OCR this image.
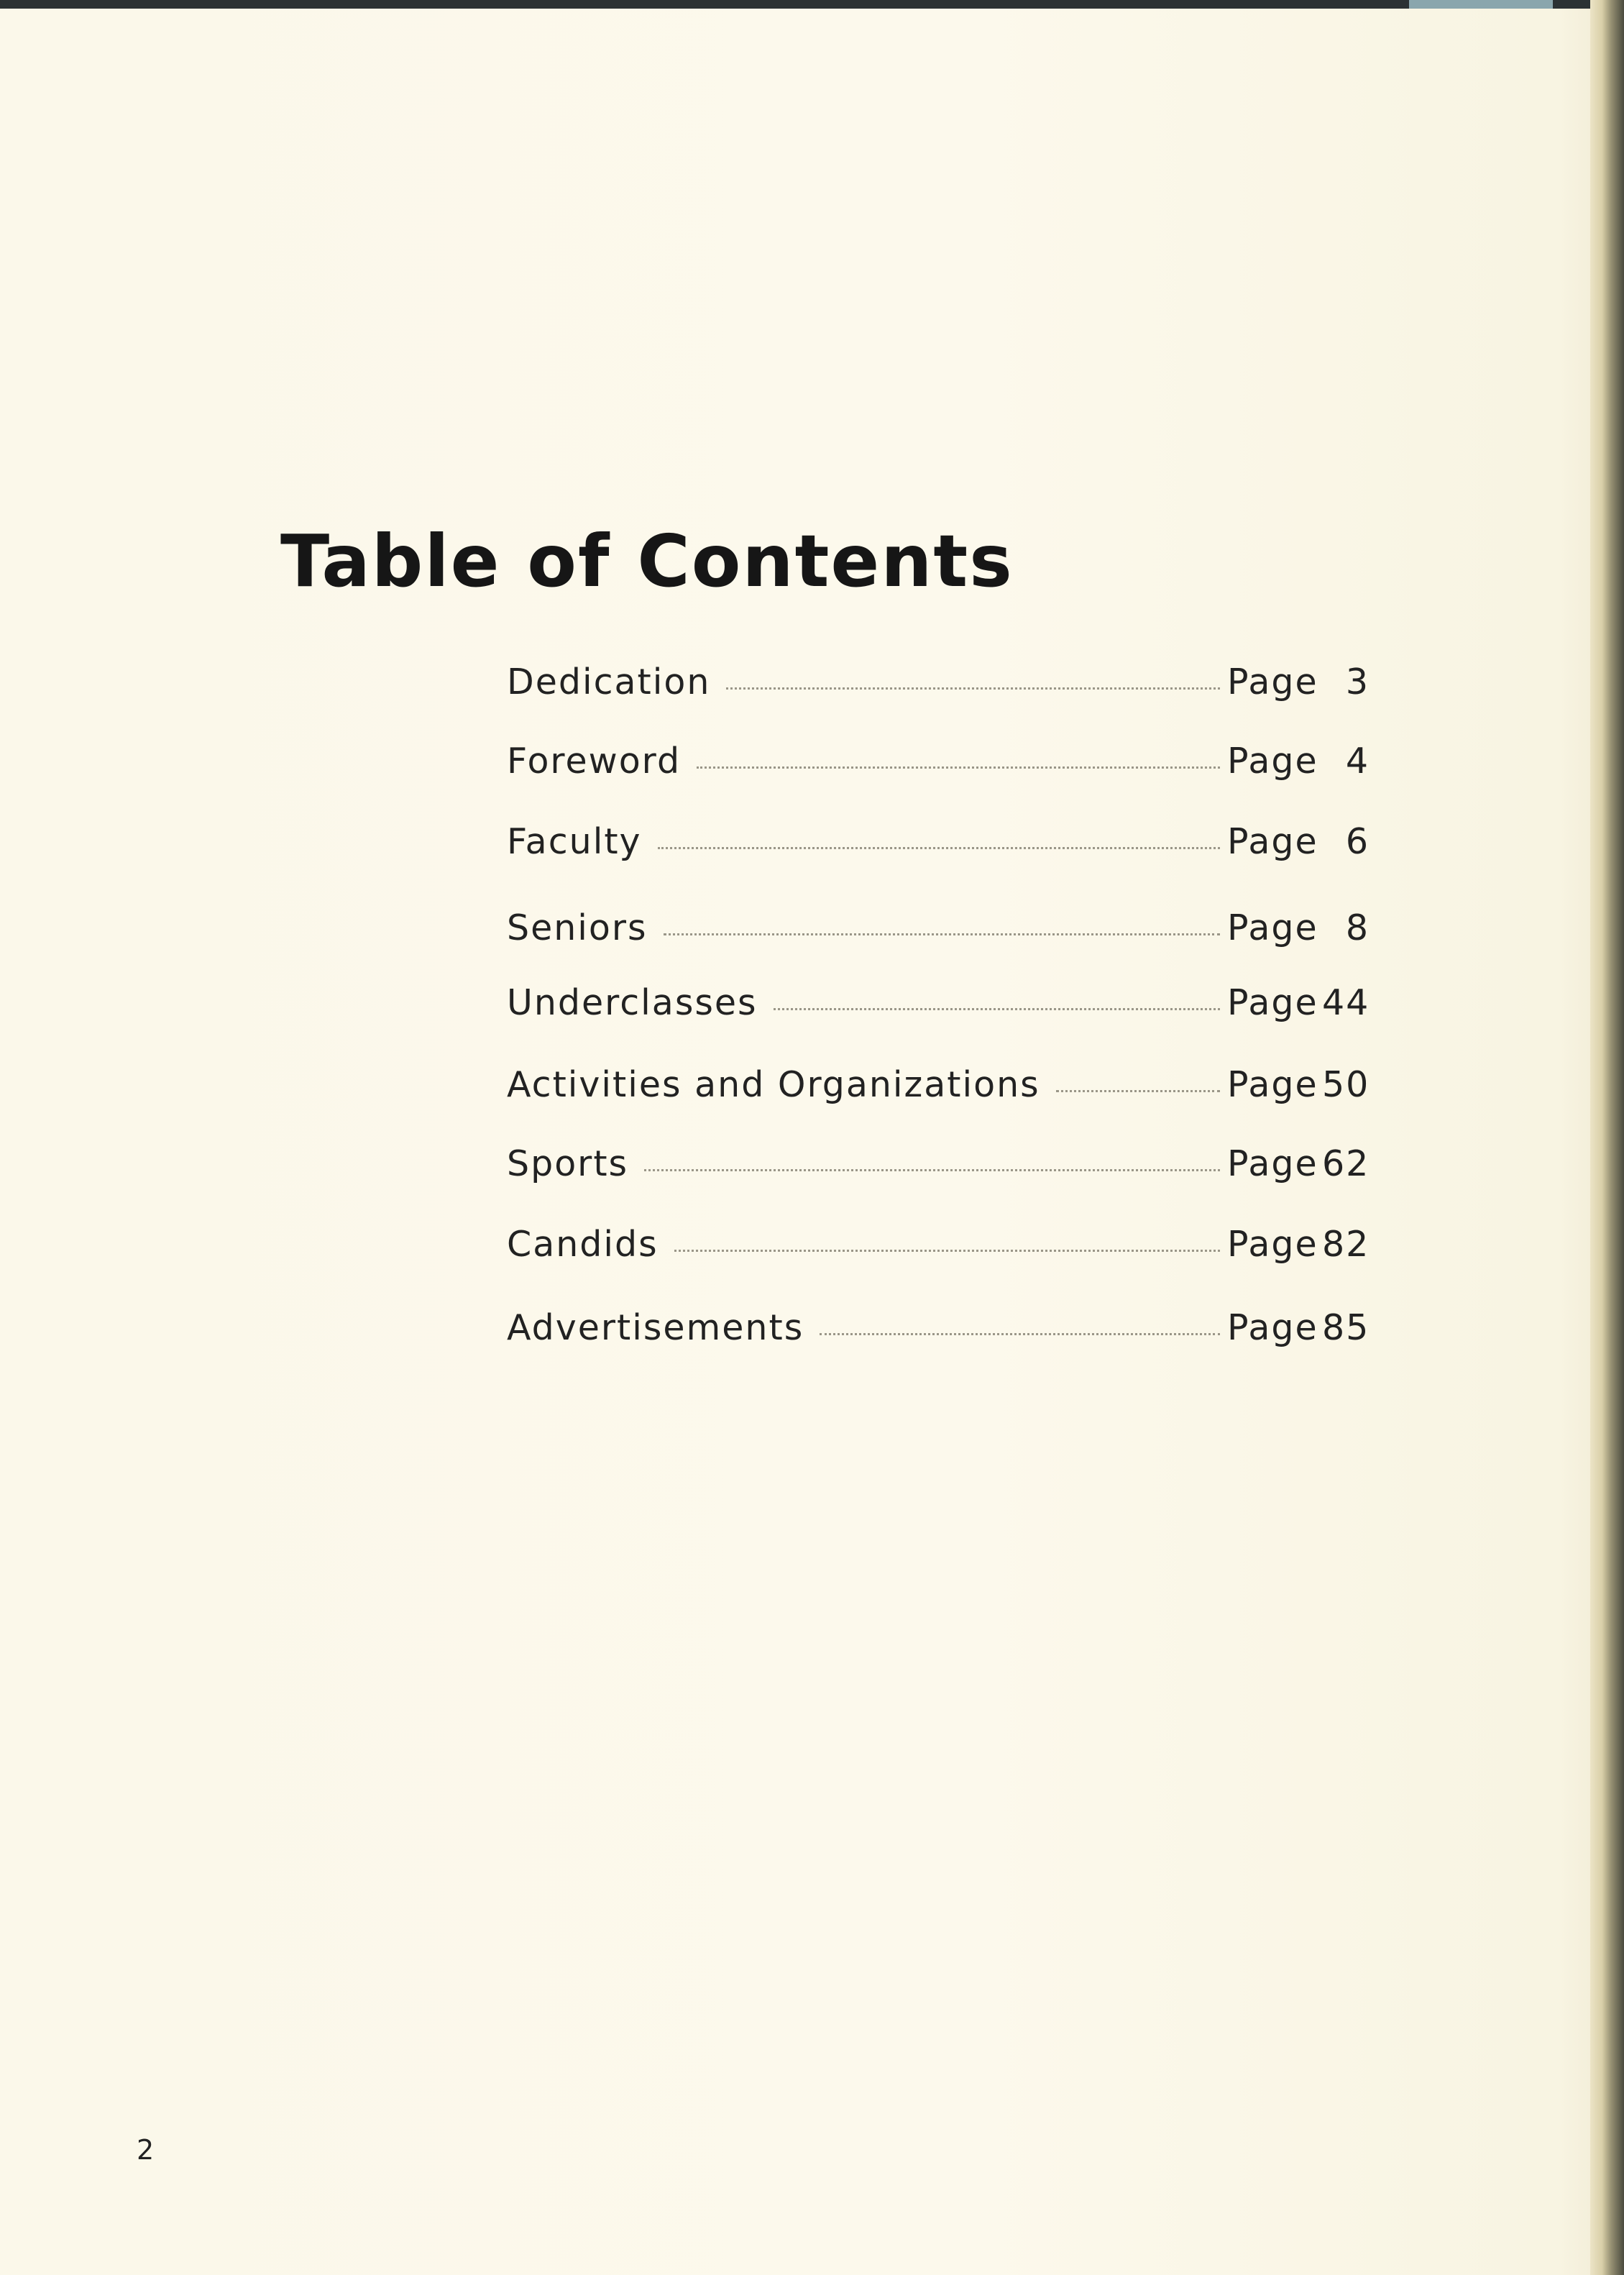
Table of Contents
Dedication	Page 3
Foreword	Page 4
Faculty	Page 6
Seniors	Page 8
Underclasses	Page 44
Activities and Organizations	Page 50
Sports	Page 62
Candids	Page 82
Advertisements	Page 85
2
